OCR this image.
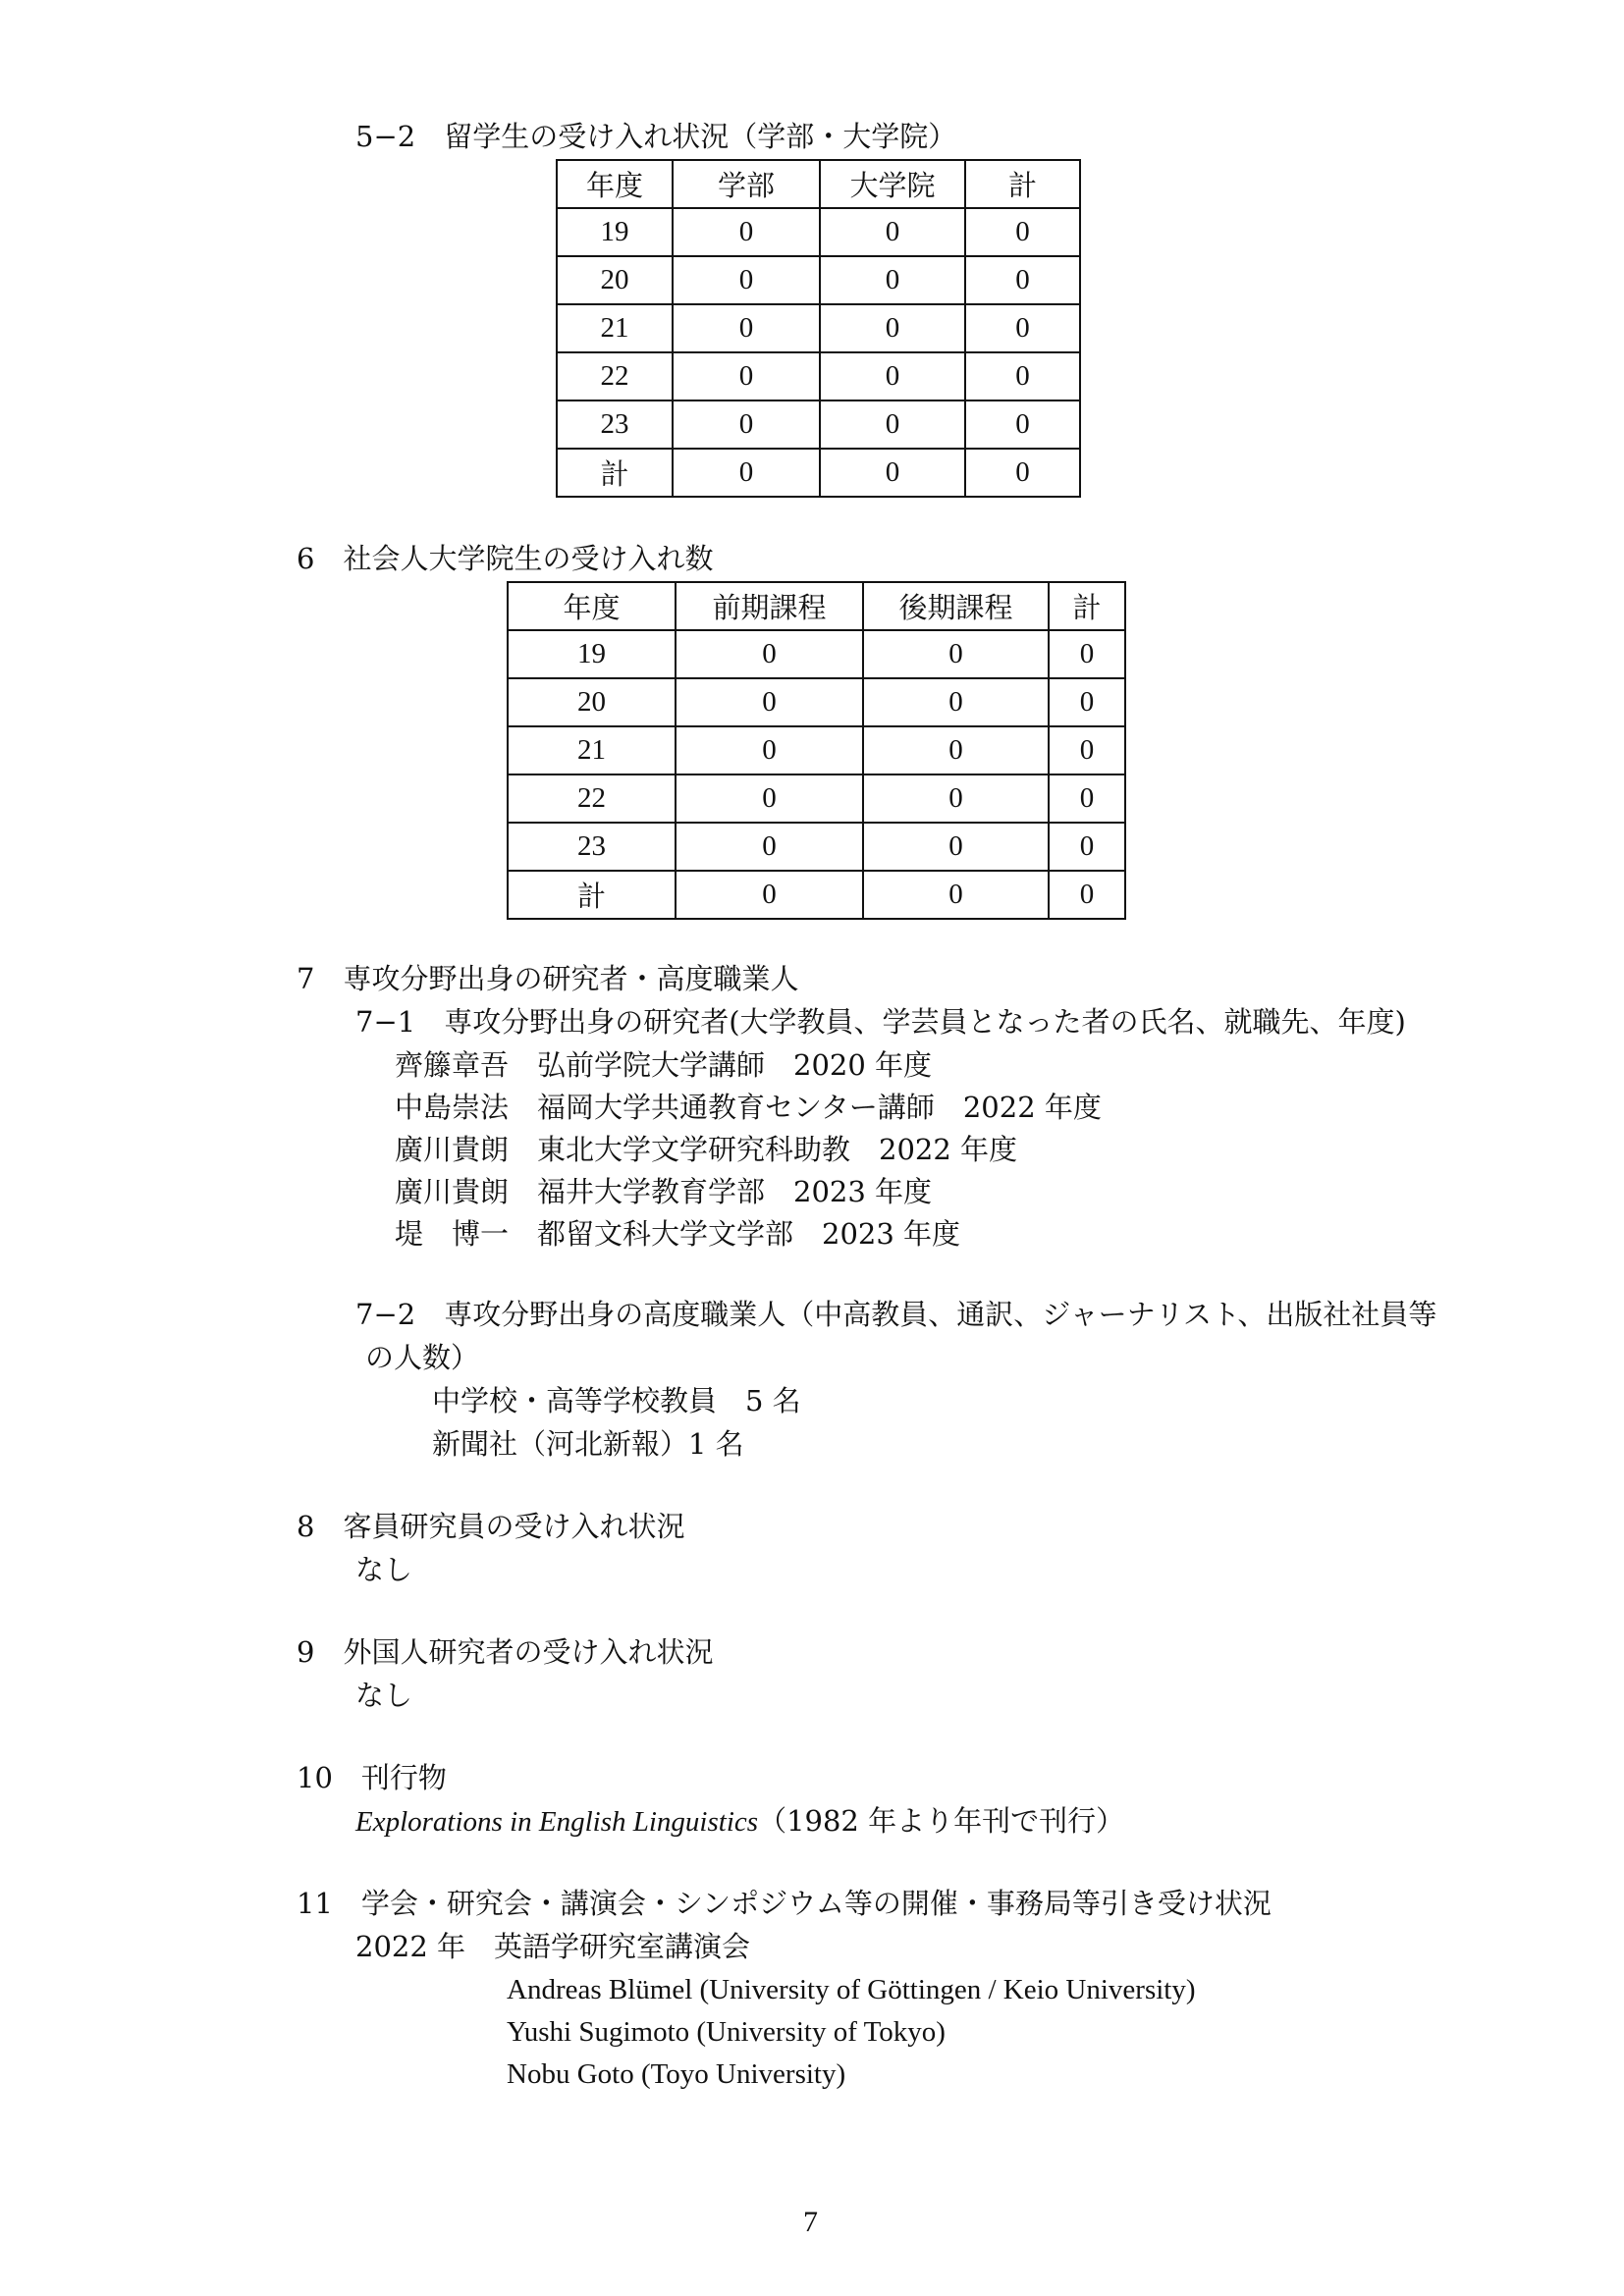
5−2　留学生の受け入れ状況（学部・大学院）
年度	学部	大学院	計
19	0	0	0
20	0	0	0
21	0	0	0
22	0	0	0
23	0	0	0
計	0	0	0
6　社会人大学院生の受け入れ数
年度	前期課程	後期課程	計
19	0	0	0
20	0	0	0
21	0	0	0
22	0	0	0
23	0	0	0
計	0	0	0
7　専攻分野出身の研究者・高度職業人
7−1　専攻分野出身の研究者(大学教員、学芸員となった者の氏名、就職先、年度)
齊籐章吾　弘前学院大学講師　2020 年度
中島崇法　福岡大学共通教育センター講師　2022 年度
廣川貴朗　東北大学文学研究科助教　2022 年度
廣川貴朗　福井大学教育学部　2023 年度
堤　博一　都留文科大学文学部　2023 年度
7−2　専攻分野出身の高度職業人（中高教員、通訳、ジャーナリスト、出版社社員等
の人数）
中学校・高等学校教員　5 名
新聞社（河北新報）1 名
8　客員研究員の受け入れ状況
なし
9　外国人研究者の受け入れ状況
なし
10　刊行物
Explorations in English Linguistics（1982 年より年刊で刊行）
11　学会・研究会・講演会・シンポジウム等の開催・事務局等引き受け状況
2022 年　英語学研究室講演会
Andreas Blümel (University of Göttingen / Keio University)
Yushi Sugimoto (University of Tokyo)
Nobu Goto (Toyo University)
7
